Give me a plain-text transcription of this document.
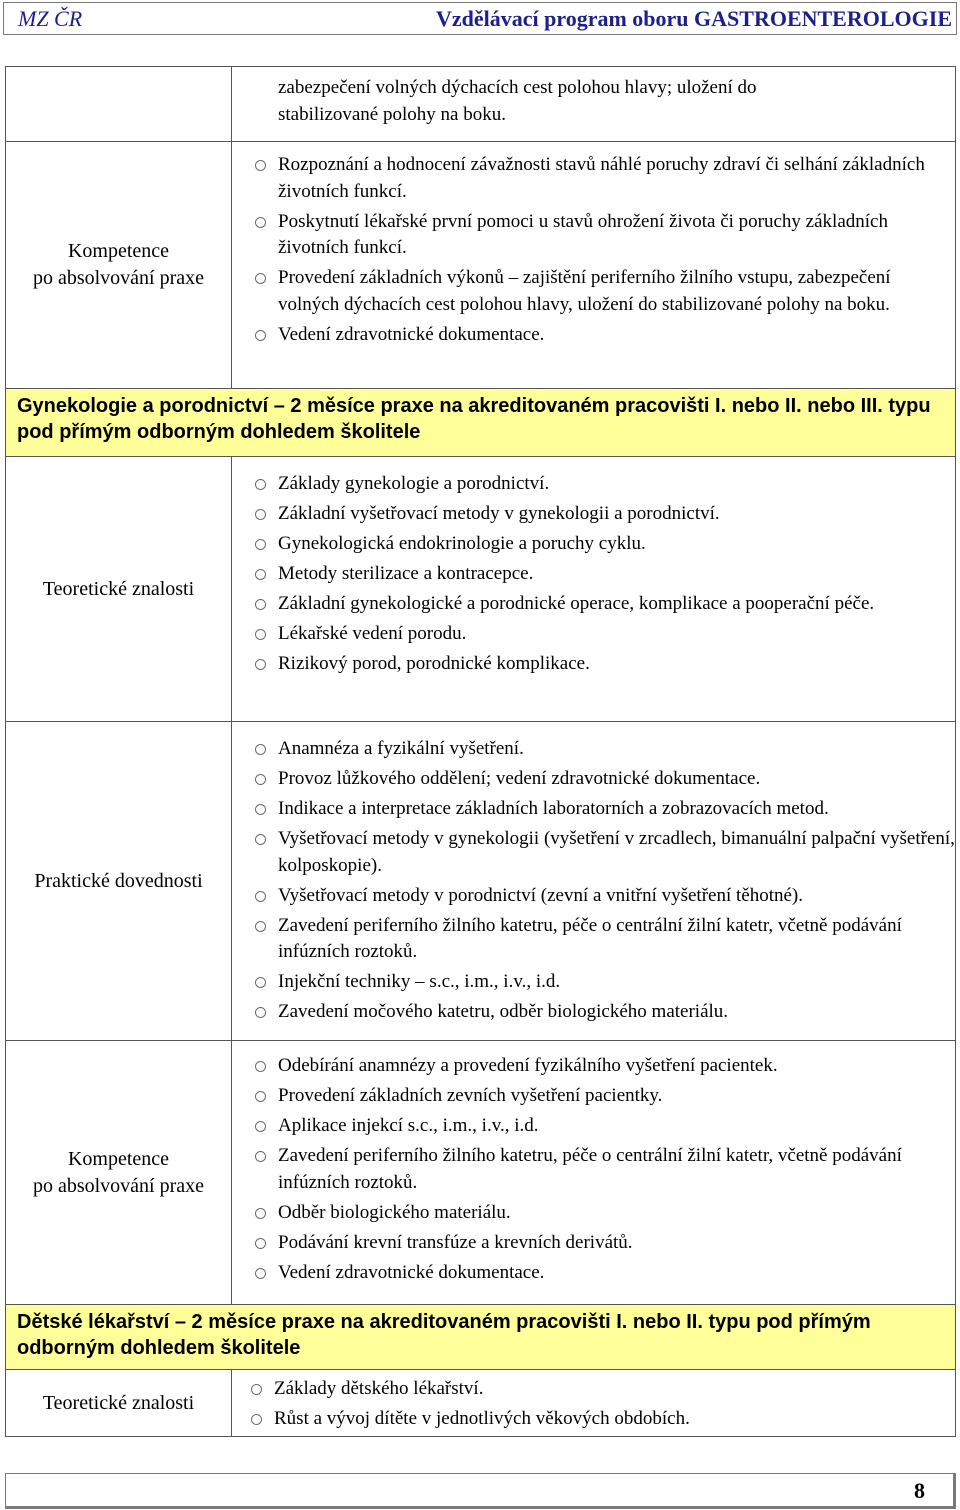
MZ ČR	Vzdělávací program oboru GASTROENTEROLOGIE
zabezpečení volných dýchacích cest polohou hlavy; uložení do
stabilizované polohy na boku.
Kompetence
po absolvování praxe
Rozpoznání a hodnocení závažnosti stavů náhlé poruchy zdraví či selhání základních životních funkcí.
Poskytnutí lékařské první pomoci u stavů ohrožení života či poruchy základních životních funkcí.
Provedení základních výkonů – zajištění periferního žilního vstupu, zabezpečení volných dýchacích cest polohou hlavy, uložení do stabilizované polohy na boku.
Vedení zdravotnické dokumentace.
Gynekologie a porodnictví – 2 měsíce praxe na akreditovaném pracovišti I. nebo II. nebo III. typu pod přímým odborným dohledem školitele
Teoretické znalosti
Základy gynekologie a porodnictví.
Základní vyšetřovací metody v gynekologii a porodnictví.
Gynekologická endokrinologie a poruchy cyklu.
Metody sterilizace a kontracepce.
Základní gynekologické a porodnické operace, komplikace a pooperační péče.
Lékařské vedení porodu.
Rizikový porod, porodnické komplikace.
Praktické dovednosti
Anamnéza a fyzikální vyšetření.
Provoz lůžkového oddělení; vedení zdravotnické dokumentace.
Indikace a interpretace základních laboratorních a zobrazovacích metod.
Vyšetřovací metody v gynekologii (vyšetření v zrcadlech, bimanuální palpační vyšetření, kolposkopie).
Vyšetřovací metody v porodnictví (zevní a vnitřní vyšetření těhotné).
Zavedení periferního žilního katetru, péče o centrální žilní katetr, včetně podávání infúzních roztoků.
Injekční techniky – s.c., i.m., i.v., i.d.
Zavedení močového katetru, odběr biologického materiálu.
Kompetence
po absolvování praxe
Odebírání anamnézy a provedení fyzikálního vyšetření pacientek.
Provedení základních zevních vyšetření pacientky.
Aplikace injekcí s.c., i.m., i.v., i.d.
Zavedení periferního žilního katetru, péče o centrální žilní katetr, včetně podávání infúzních roztoků.
Odběr biologického materiálu.
Podávání krevní transfúze a krevních derivátů.
Vedení zdravotnické dokumentace.
Dětské lékařství – 2 měsíce praxe na akreditovaném pracovišti I. nebo II. typu pod přímým odborným dohledem školitele
Teoretické znalosti
Základy dětského lékařství.
Růst a vývoj dítěte v jednotlivých věkových obdobích.
8
